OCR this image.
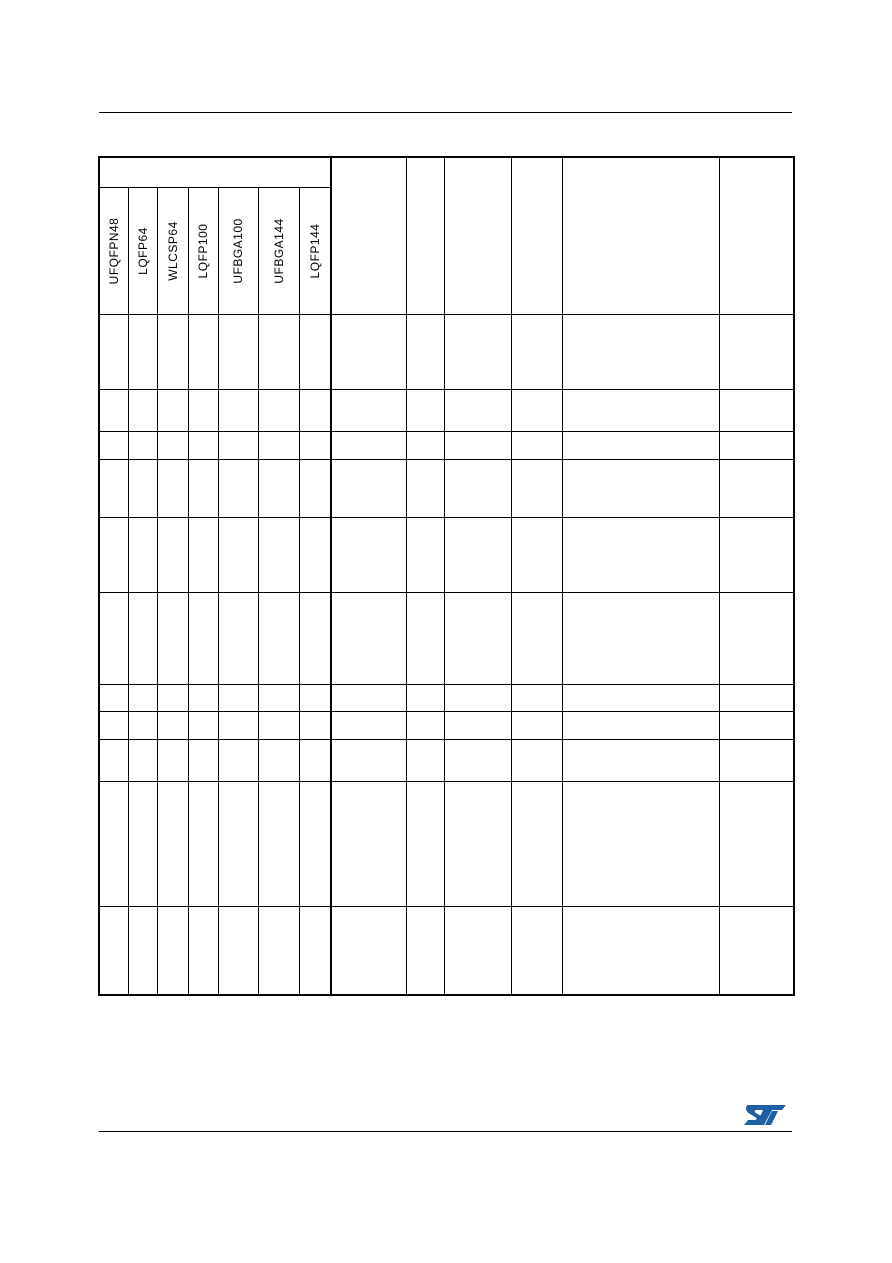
UFQFPN48	LQFP64	WLCSP64	LQFP100	UFBGA100	UFBGA144	LQFP144						
